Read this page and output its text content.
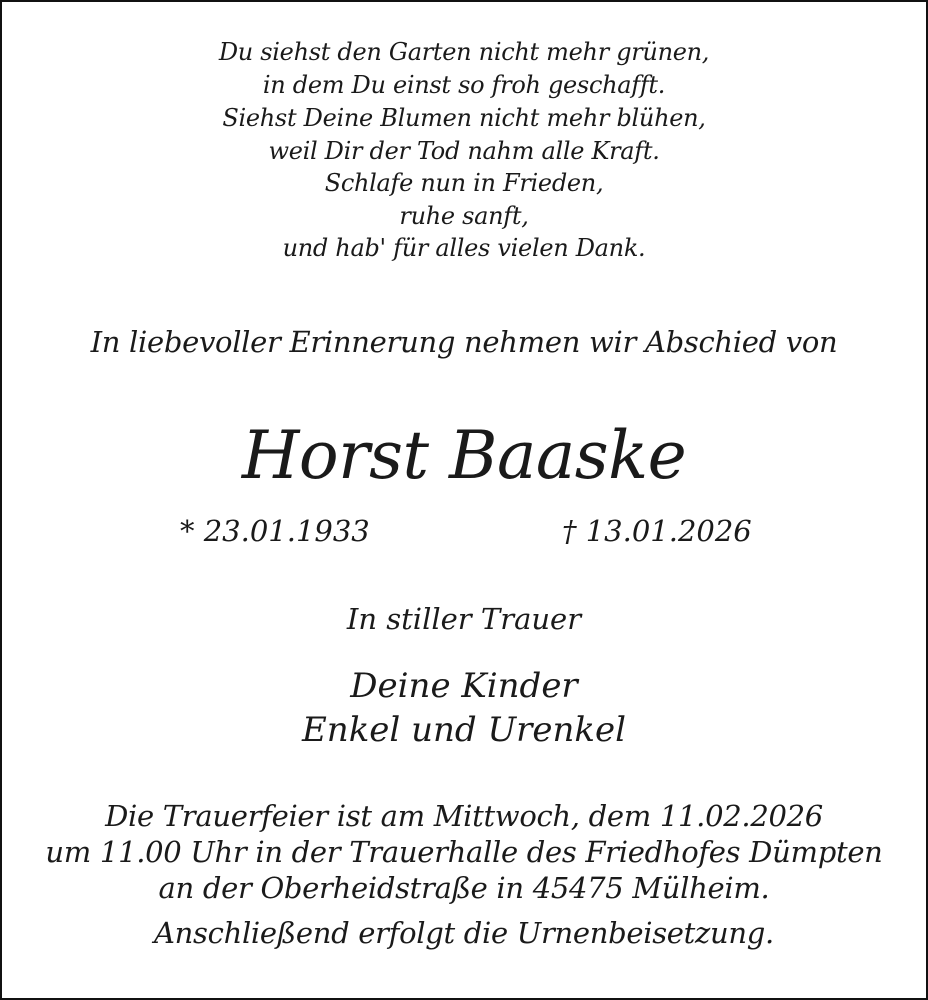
Du siehst den Garten nicht mehr grünen,
in dem Du einst so froh geschafft.
Siehst Deine Blumen nicht mehr blühen,
weil Dir der Tod nahm alle Kraft.
Schlafe nun in Frieden,
ruhe sanft,
und hab' für alles vielen Dank.
In liebevoller Erinnerung nehmen wir Abschied von
Horst Baaske
* 23.01.1933	† 13.01.2026
In stiller Trauer
Deine Kinder
Enkel und Urenkel
Die Trauerfeier ist am Mittwoch, dem 11.02.2026
um 11.00 Uhr in der Trauerhalle des Friedhofes Dümpten
an der Oberheidstraße in 45475 Mülheim.
Anschließend erfolgt die Urnenbeisetzung.
